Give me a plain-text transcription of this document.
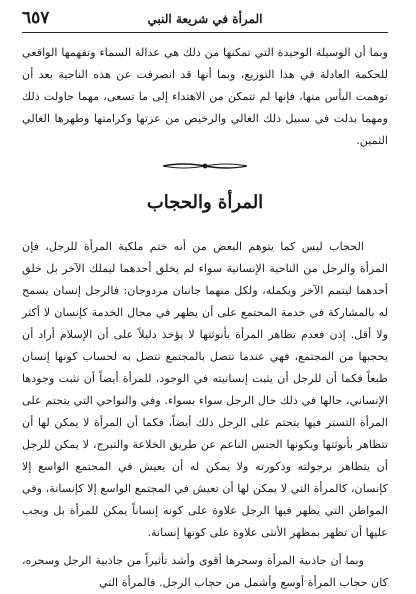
المرأة في شريعة النبي
٦٥٧

وبما أن الوسيلة الوحيدة التي تمكنها من ذلك هي عدالة السماء وتفهمها الواقعي للحكمة العادلة في هذا التوزيع، وبما أنها قد انصرفت عن هذه الناحية بعد أن توهمت اليأس منها، فإنها لم تتمكن من الاهتداء إلى ما تسعى، مهما حاولت ذلك ومهما بذلت في سبيل ذلك الغالي والرخيص من عزتها وكرامتها وطهرها الغالي الثمين.

المرأة والحجاب

الحجاب ليس كما يتوهم البعض من أنه ختم ملكية المرأة للرجل، فإن المرأة والرجل من الناحية الإنسانية سواء لم يخلق أحدهما ليملك الآخر بل خلق أحدهما ليتمم الآخر ويكمله، ولكل منهما جانبان مزدوجان: فالرجل إنسان يسمح له بالمشاركة في خدمة المجتمع على أن يظهر في مجال الخدمة كإنسان لا أكثر ولا أقل. إذن فعدم تظاهر المرأة بأنوثتها لا يؤخذ دليلاً على أن الإسلام أراد أن يحجبها من المجتمع، فهي عندما تتصل بالمجتمع تتصل به لحساب كونها إنسان طبعاً فكما أن للرجل أن يثبت إنسانيته في الوجود، للمرأة أيضاً أن تثبت وجودها الإنساني، حالها في ذلك حال الرجل سواء بسواء. وفي والنواحي التي يتحتم على المرأة التستر فيها يتحتم على الرجل ذلك أيضاً، فكما أن المرأة لا يمكن لها أن تتظاهر بأنوثتها ويكونها الجنس الناعم عن طريق الخلاعة والتبرج، لا يمكن للرجل أن يتظاهر برجولته وذكورته ولا يمكن له أن يعيش في المجتمع الواسع إلا كإنسان، كالمرأة التي لا يمكن لها أن تعيش في المجتمع الواسع إلا كإنسانة، وفي المواطن التي يظهر فيها الرجل علاوة على كونه إنساناً يمكن للمرأة بل ويجب عليها أن تظهر بمظهر الأنثى علاوة على كونها إنسانة.

وبما أن جاذبية المرأة وسحرها أقوى وأشد تأثيراً من جاذبية الرجل وسحره، كان حجاب المرأة أوسع وأشمل من حجاب الرجل. فالمرأة التي
